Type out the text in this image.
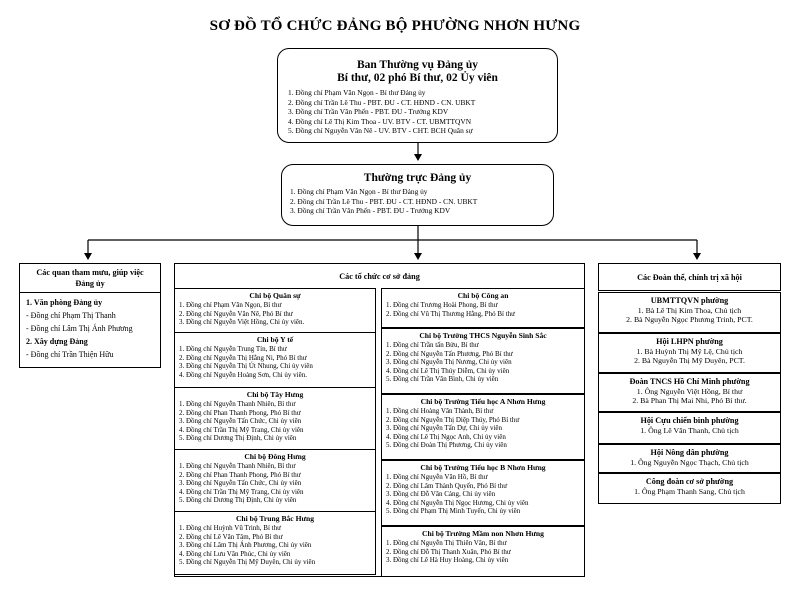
SƠ ĐỒ TỔ CHỨC ĐẢNG BỘ PHƯỜNG NHƠN HƯNG
Ban Thường vụ Đảng ủy
Bí thư, 02 phó Bí thư, 02 Ủy viên
1. Đồng chí Phạm Văn Ngọn - Bí thư Đảng ủy
2. Đồng chí Trần Lê Thu - PBT. ĐU - CT. HĐND - CN. UBKT
3. Đồng chí Trần Văn Phến - PBT. ĐU - Trưởng KDV
4. Đồng chí Lê Thị Kim Thoa - UV. BTV - CT. UBMTTQVN
5. Đồng chí Nguyễn Văn Nê - UV. BTV - CHT. BCH Quân sự
Thường trực Đảng ủy
1. Đồng chí Phạm Văn Ngọn - Bí thư Đảng ủy
2. Đồng chí Trần Lê Thu - PBT. ĐU - CT. HĐND - CN. UBKT
3. Đồng chí Trần Văn Phến - PBT. ĐU - Trưởng KDV
Các quan tham mưu, giúp việc
Đảng ủy
1. Văn phòng Đảng ủy
- Đồng chí Phạm Thị Thanh
- Đồng chí Lâm Thị Ánh Phương
2. Xây dựng Đảng
- Đồng chí Trần Thiện Hữu
Các tổ chức cơ sở đảng
Chi bộ Quân sự
1. Đồng chí Phạm Văn Ngọn, Bí thư
2. Đồng chí Nguyễn Văn Nê, Phó Bí thư
3. Đồng chí Nguyễn Việt Hồng, Chi ủy viên.
Chi bộ Y tế
1. Đồng chí Nguyễn Trung Tín, Bí thư
2. Đồng chí Nguyễn Thị Hằng Ni, Phó Bí thư
3. Đồng chí Nguyễn Thị Út Nhung, Chi ủy viên
4. Đồng chí Nguyễn Hoàng Sơn, Chi ủy viên.
Chi bộ Tây Hưng
1. Đồng chí Nguyễn Thanh Nhiên, Bí thư
2. Đồng chí Phan Thanh Phong, Phó Bí thư
3. Đồng chí Nguyễn Tấn Chức, Chi ủy viên
4. Đồng chí Trần Thị Mỹ Trang, Chi ủy viên
5. Đồng chí Dương Thị Định, Chi ủy viên
Chi bộ Đông Hưng
1. Đồng chí Nguyễn Thanh Nhiên, Bí thư
2. Đồng chí Phan Thanh Phong, Phó Bí thư
3. Đồng chí Nguyễn Tấn Chức, Chi ủy viên
4. Đồng chí Trần Thị Mỹ Trang, Chi ủy viên
5. Đồng chí Dương Thị Định, Chi ủy viên
Chi bộ Trung Bắc Hưng
1. Đồng chí Huỳnh Vũ Trinh, Bí thư
2. Đồng chí Lê Văn Tâm, Phó Bí thư
3. Đồng chí Lâm Thị Ánh Phương, Chi ủy viên
4. Đồng chí Lưu Văn Phúc, Chi ủy viên
5. Đồng chí Nguyễn Thị Mỹ Duyên, Chi ủy viên
Chi bộ Công an
1. Đồng chí Trương Hoài Phong, Bí thư
2. Đồng chí Vũ Thị Thương Hằng, Phó Bí thư
Chi bộ Trường THCS Nguyễn Sinh Sắc
1. Đồng chí Trần tấn Bửu, Bí thư
2. Đồng chí Nguyễn Tấn Phương, Phó Bí thư
3. Đồng chí Nguyễn Thị Nương, Chi ủy viên
4. Đồng chí Lê Thị Thúy Diễm, Chi ủy viên
5. Đồng chí Trần Văn Bình, Chi ủy viên
Chi bộ Trường Tiểu học A Nhơn Hưng
1. Đồng chí Hoàng Văn Thành, Bí thư
2. Đồng chí Nguyễn Thị Diệp Thúy, Phó Bí thư
3. Đồng chí Nguyễn Tấn Dự, Chi ủy viên
4. Đồng chí Lê Thị Ngọc Anh, Chi ủy viên
5. Đồng chí Đoàn Thị Phương, Chi ủy viên
Chi bộ Trường Tiểu học B Nhơn Hưng
1. Đồng chí Nguyễn Văn Hồ, Bí thư
2. Đồng chí Lâm Thành Quyến, Phó Bí thư
3. Đồng chí Đỗ Văn Cảng, Chi ủy viên
4. Đồng chí Nguyễn Thị Ngọc Hương, Chi ủy viên
5. Đồng chí Phạm Thị Minh Tuyến, Chi ủy viên
Chi bộ Trường Mầm non Nhơn Hưng
1. Đồng chí Nguyễn Thị Thiên Vân, Bí thư
2. Đồng chí Đỗ Thị Thanh Xuân, Phó Bí thư
3. Đồng chí Lê Hà Huy Hoàng, Chi ủy viên
Các Đoàn thể, chính trị xã hội
UBMTTQVN phường
1. Bà Lê Thị Kim Thoa, Chủ tịch
2. Bà Nguyễn Ngọc Phương Trinh, PCT.
Hội LHPN phường
1. Bà Huỳnh Thị Mỹ Lệ, Chủ tịch
2. Bà Nguyễn Thị Mỹ Duyên, PCT.
Đoàn TNCS Hồ Chí Minh phường
1. Ông Nguyễn Việt Hồng, Bí thư
2. Bà Phan Thị Mai Nhi, Phó Bí thư.
Hội Cựu chiến binh phường
1. Ông Lê Văn Thanh, Chủ tịch
Hội Nông dân phường
1. Ông Nguyễn Ngọc Thạch, Chủ tịch
Công đoàn cơ sở phường
1. Ông Phạm Thanh Sang, Chủ tịch
